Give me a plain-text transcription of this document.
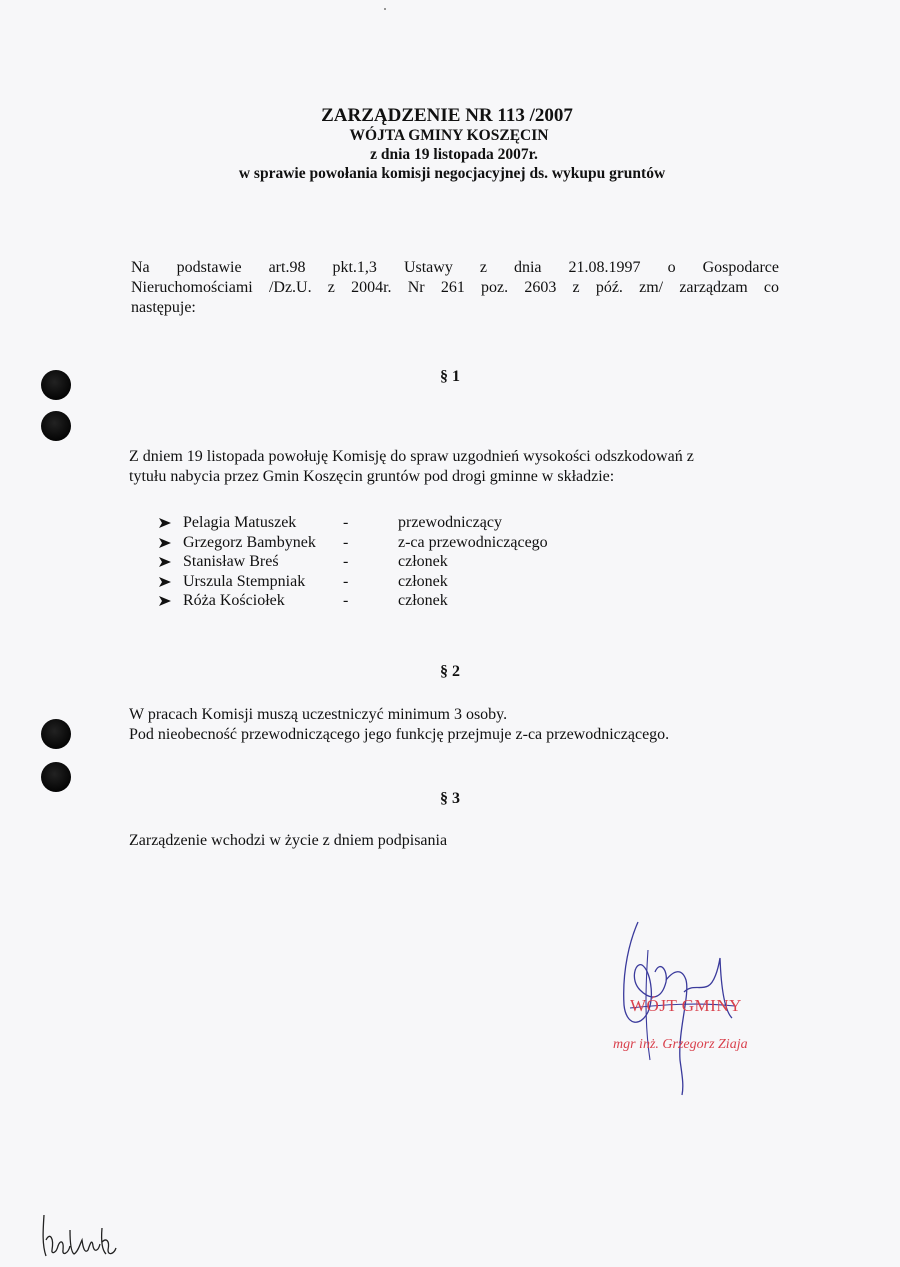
ZARZĄDZENIE NR 113 /2007
WÓJTA GMINY KOSZĘCIN
z dnia 19 listopada 2007r.
w sprawie powołania komisji negocjacyjnej ds. wykupu gruntów
Na podstawie art.98 pkt.1,3 Ustawy z dnia 21.08.1997 o Gospodarce
Nieruchomościami /Dz.U. z 2004r. Nr 261 poz. 2603 z póź. zm/ zarządzam co
następuje:
§ 1
Z dniem 19 listopada powołuję Komisję do spraw uzgodnień wysokości odszkodowań z
tytułu nabycia przez Gmin Koszęcin gruntów pod drogi gminne w składzie:
Pelagia Matuszek	-	przewodniczący
Grzegorz Bambynek -	z-ca przewodniczącego
Stanisław Breś	-	członek
Urszula Stempniak -	członek
Róża Kościołek	-	członek
§ 2
W pracach Komisji muszą uczestniczyć minimum 3 osoby.
Pod nieobecność przewodniczącego jego funkcję przejmuje z-ca przewodniczącego.
§ 3
Zarządzenie wchodzi w życie z dniem podpisania
WÓJT GMINY
mgr inż. Grzegorz Ziaja
